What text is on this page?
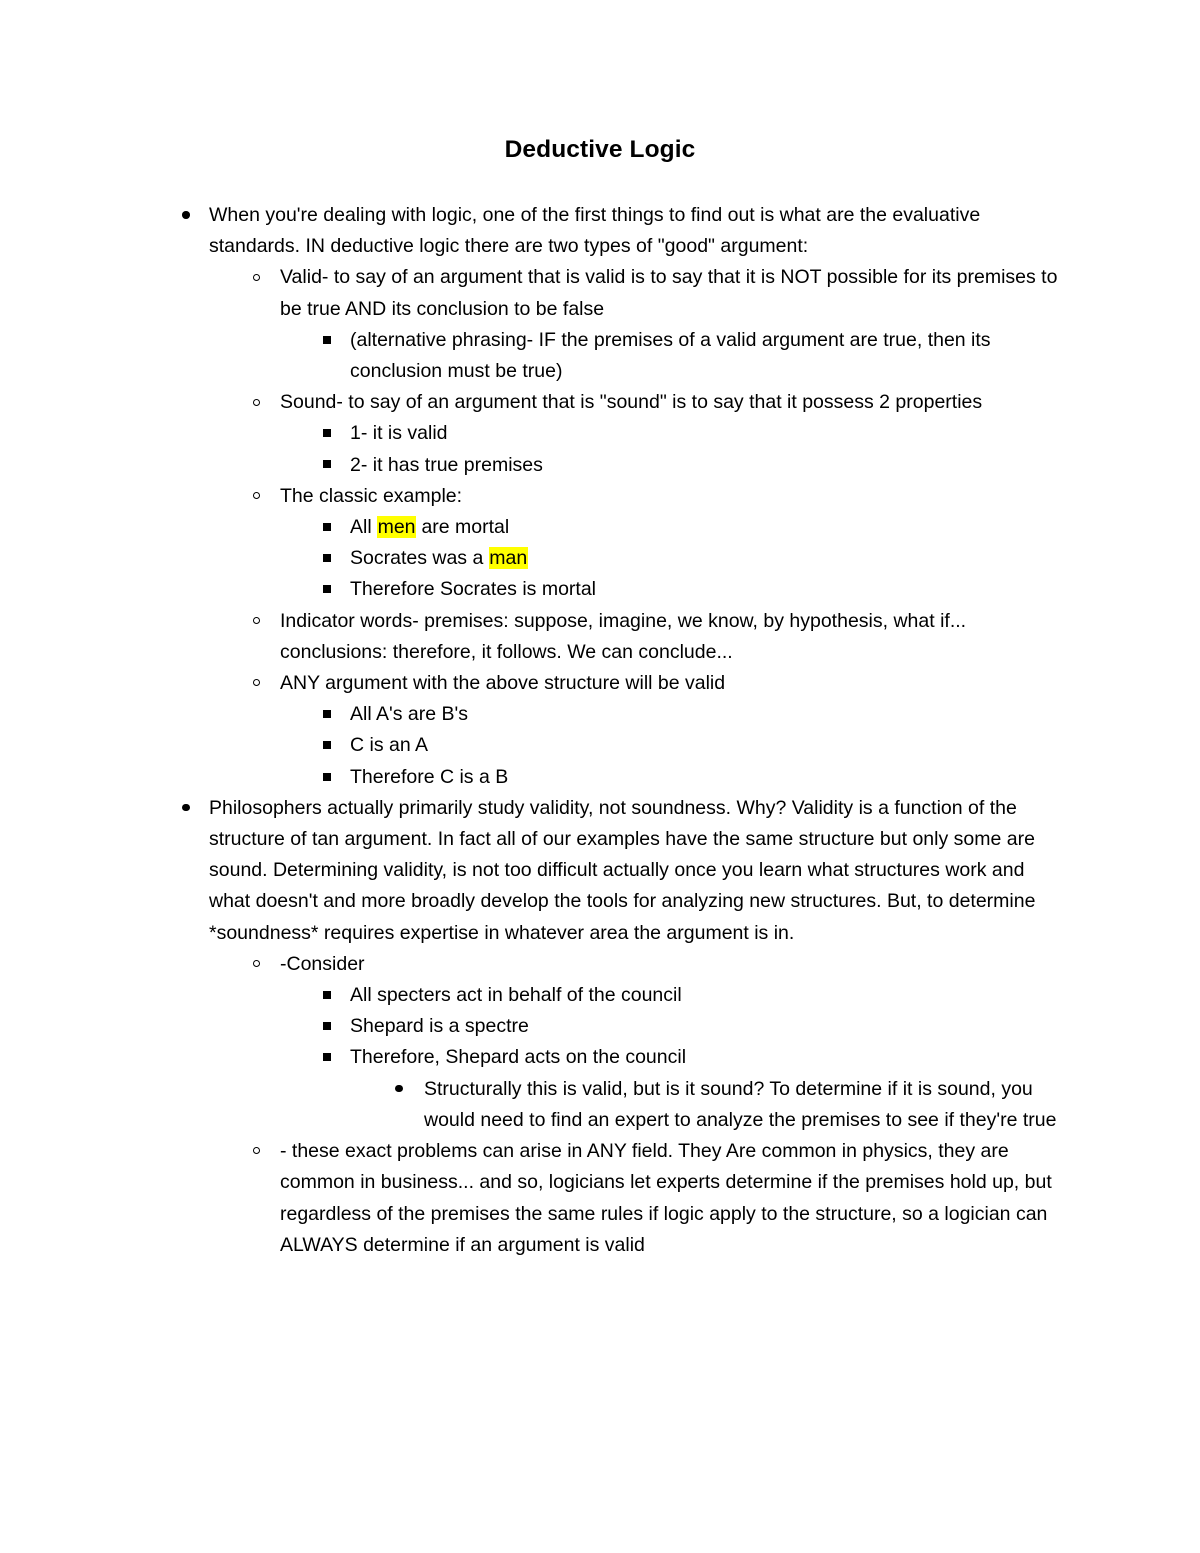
Deductive Logic
When you're dealing with logic, one of the first things to find out is what are the evaluative standards. IN deductive logic there are two types of "good" argument:
Valid- to say of an argument that is valid is to say that it is NOT possible for its premises to be true AND its conclusion to be false
(alternative phrasing- IF the premises of a valid argument are true, then its conclusion must be true)
Sound- to say of an argument that is "sound" is to say that it possess 2 properties
1- it is valid
2- it has true premises
The classic example:
All men are mortal
Socrates was a man
Therefore Socrates is mortal
Indicator words- premises: suppose, imagine, we know, by hypothesis, what if... conclusions: therefore, it follows. We can conclude...
ANY argument with the above structure will be valid
All A's are B's
C is an A
Therefore C is a B
Philosophers actually primarily study validity, not soundness. Why? Validity is a function of the structure of tan argument. In fact all of our examples have the same structure but only some are sound. Determining validity, is not too difficult actually once you learn what structures work and what doesn't and more broadly develop the tools for analyzing new structures. But, to determine *soundness* requires expertise in whatever area the argument is in.
-Consider
All specters act in behalf of the council
Shepard is a spectre
Therefore, Shepard acts on the council
Structurally this is valid, but is it sound? To determine if it is sound, you would need to find an expert to analyze the premises to see if they're true
- these exact problems can arise in ANY field. They Are common in physics, they are common in business... and so, logicians let experts determine if the premises hold up, but regardless of the premises the same rules if logic apply to the structure, so a logician can ALWAYS determine if an argument is valid
